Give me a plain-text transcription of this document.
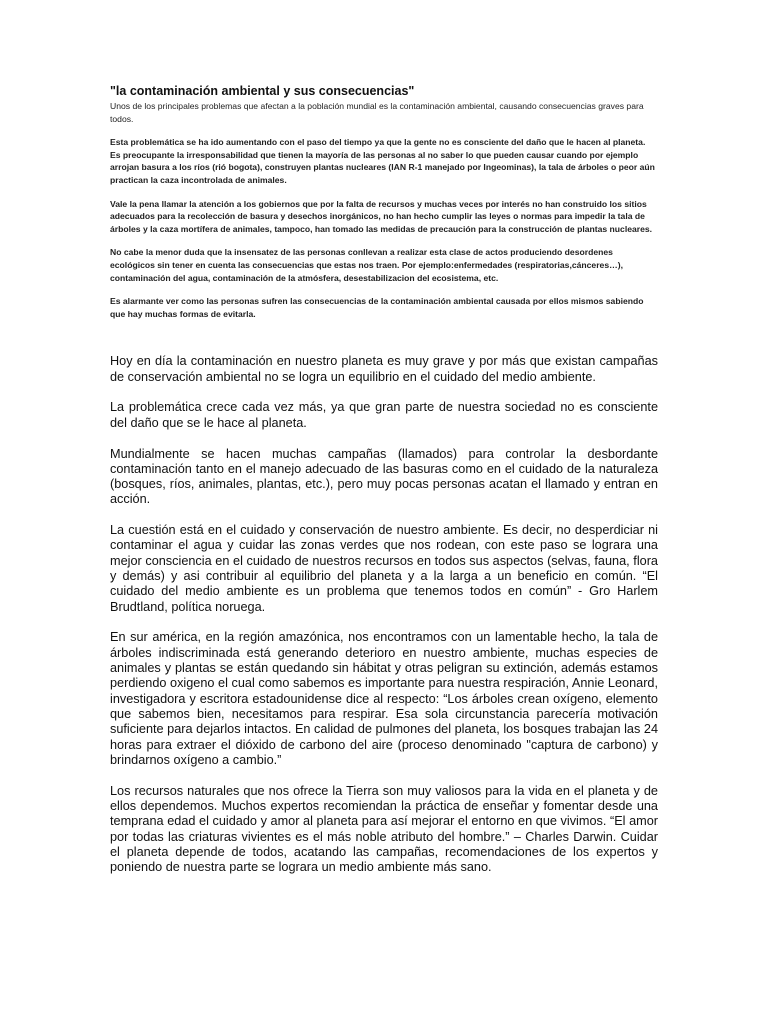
"la contaminación ambiental y sus consecuencias"

Unos de los principales problemas que afectan a la población mundial es la contaminación ambiental, causando consecuencias graves para todos.

Esta problemática se ha ido aumentando con el paso del tiempo ya que la gente no es consciente del daño que le hacen al planeta. Es preocupante la irresponsabilidad que tienen la mayoría de las personas al no saber lo que pueden causar cuando por ejemplo arrojan basura a los ríos (rió bogota), construyen plantas nucleares (IAN R-1 manejado por Ingeominas), la tala de árboles o peor aún practican la caza incontrolada de animales.

Vale la pena llamar la atención a los gobiernos que por la falta de recursos y muchas veces por interés no han construido los sitios adecuados para la recolección de basura y desechos inorgánicos, no han hecho cumplir las leyes o normas para impedir la tala de árboles y la caza mortífera de animales, tampoco, han tomado las medidas de precaución para la construcción de plantas nucleares.

No cabe la menor duda que la insensatez de las personas conllevan a realizar esta clase de actos produciendo desordenes ecológicos sin tener en cuenta las consecuencias que estas nos traen. Por ejemplo:enfermedades (respiratorias,cánceres…), contaminación del agua, contaminación de la atmósfera, desestabilizacion del ecosistema, etc.

Es alarmante ver como las personas sufren las consecuencias de la contaminación ambiental causada por ellos mismos sabiendo que hay muchas formas de evitarla.

Hoy en día la contaminación en nuestro planeta es muy grave y por más que existan campañas de conservación ambiental no se logra un equilibrio en el cuidado del medio ambiente.

La problemática crece cada vez más, ya que gran parte de nuestra sociedad no es consciente del daño que se le hace al planeta.

Mundialmente se hacen muchas campañas (llamados) para controlar la desbordante contaminación tanto en el manejo adecuado de las basuras como en el cuidado de la naturaleza (bosques, ríos, animales, plantas, etc.), pero muy pocas personas acatan el llamado y entran en acción.

La cuestión está en el cuidado y conservación de nuestro ambiente. Es decir, no desperdiciar ni contaminar el agua y cuidar las zonas verdes que nos rodean, con este paso se lograra una mejor consciencia en el cuidado de nuestros recursos en todos sus aspectos (selvas, fauna, flora y demás) y asi contribuir al equilibrio del planeta y a la larga a un beneficio en común. “El cuidado del medio ambiente es un problema que tenemos todos en común” - Gro Harlem Brudtland, política noruega.

En sur américa, en la región amazónica, nos encontramos con un lamentable hecho, la tala de árboles indiscriminada está generando deterioro en nuestro ambiente, muchas especies de animales y plantas se están quedando sin hábitat y otras peligran su extinción, además estamos perdiendo oxigeno el cual como sabemos es importante para nuestra respiración, Annie Leonard, investigadora y escritora estadounidense dice al respecto: “Los árboles crean oxígeno, elemento que sabemos bien, necesitamos para respirar. Esa sola circunstancia parecería motivación suficiente para dejarlos intactos. En calidad de pulmones del planeta, los bosques trabajan las 24 horas para extraer el dióxido de carbono del aire (proceso denominado "captura de carbono) y brindarnos oxígeno a cambio.”

Los recursos naturales que nos ofrece la Tierra son muy valiosos para la vida en el planeta y de ellos dependemos. Muchos expertos recomiendan la práctica de enseñar y fomentar desde una temprana edad el cuidado y amor al planeta para así mejorar el entorno en que vivimos. “El amor por todas las criaturas vivientes es el más noble atributo del hombre.” – Charles Darwin. Cuidar el planeta depende de todos, acatando las campañas, recomendaciones de los expertos y poniendo de nuestra parte se lograra un medio ambiente más sano.
